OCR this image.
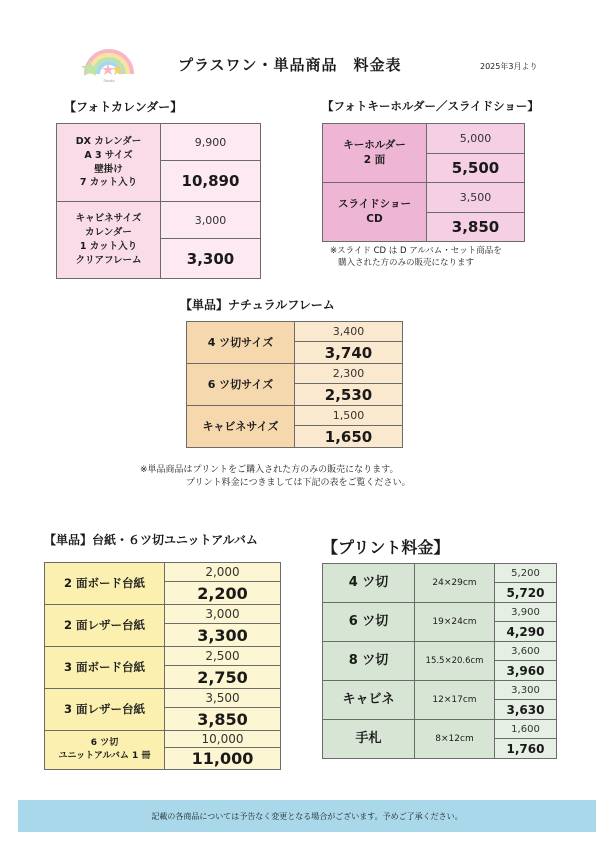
Studio
プラスワン・単品商品　料金表	2025年3月より
【フォトカレンダー】
DX カレンダー
A 3 サイズ
壁掛け
7 カット入り	9,900
	10,890

キャビネサイズ
カレンダー
1 カット入り
クリアフレーム	3,000
	3,300
【フォトキーホルダー／スライドショー】
キーホルダー
2 面	5,000
	5,500

スライドショー
CD	3,500
	3,850
※スライド CD は D アルバム・セット商品を
購入された方のみの販売になります
【単品】ナチュラルフレーム
4 ツ切サイズ	3,400
	3,740
6 ツ切サイズ	2,300
	2,530
キャビネサイズ	1,500
	1,650
※単品商品はプリントをご購入された方のみの販売になります。
プリント料金につきましては下記の表をご覧ください。
【単品】台紙・６ツ切ユニットアルバム
2 面ボード台紙	2,000
	2,200
2 面レザー台紙	3,000
	3,300
3 面ボード台紙	2,500
	2,750
3 面レザー台紙	3,500
	3,850

6 ツ切
ユニットアルバム 1 冊	10,000
	11,000
【プリント料金】
4 ツ切	24×29cm	5,200
		5,720
6 ツ切	19×24cm	3,900
		4,290
8 ツ切	15.5×20.6cm	3,600
		3,960
キャビネ	12×17cm	3,300
		3,630
手札	8×12cm	1,600
		1,760
記載の各商品については予告なく変更となる場合がございます。予めご了承ください。
